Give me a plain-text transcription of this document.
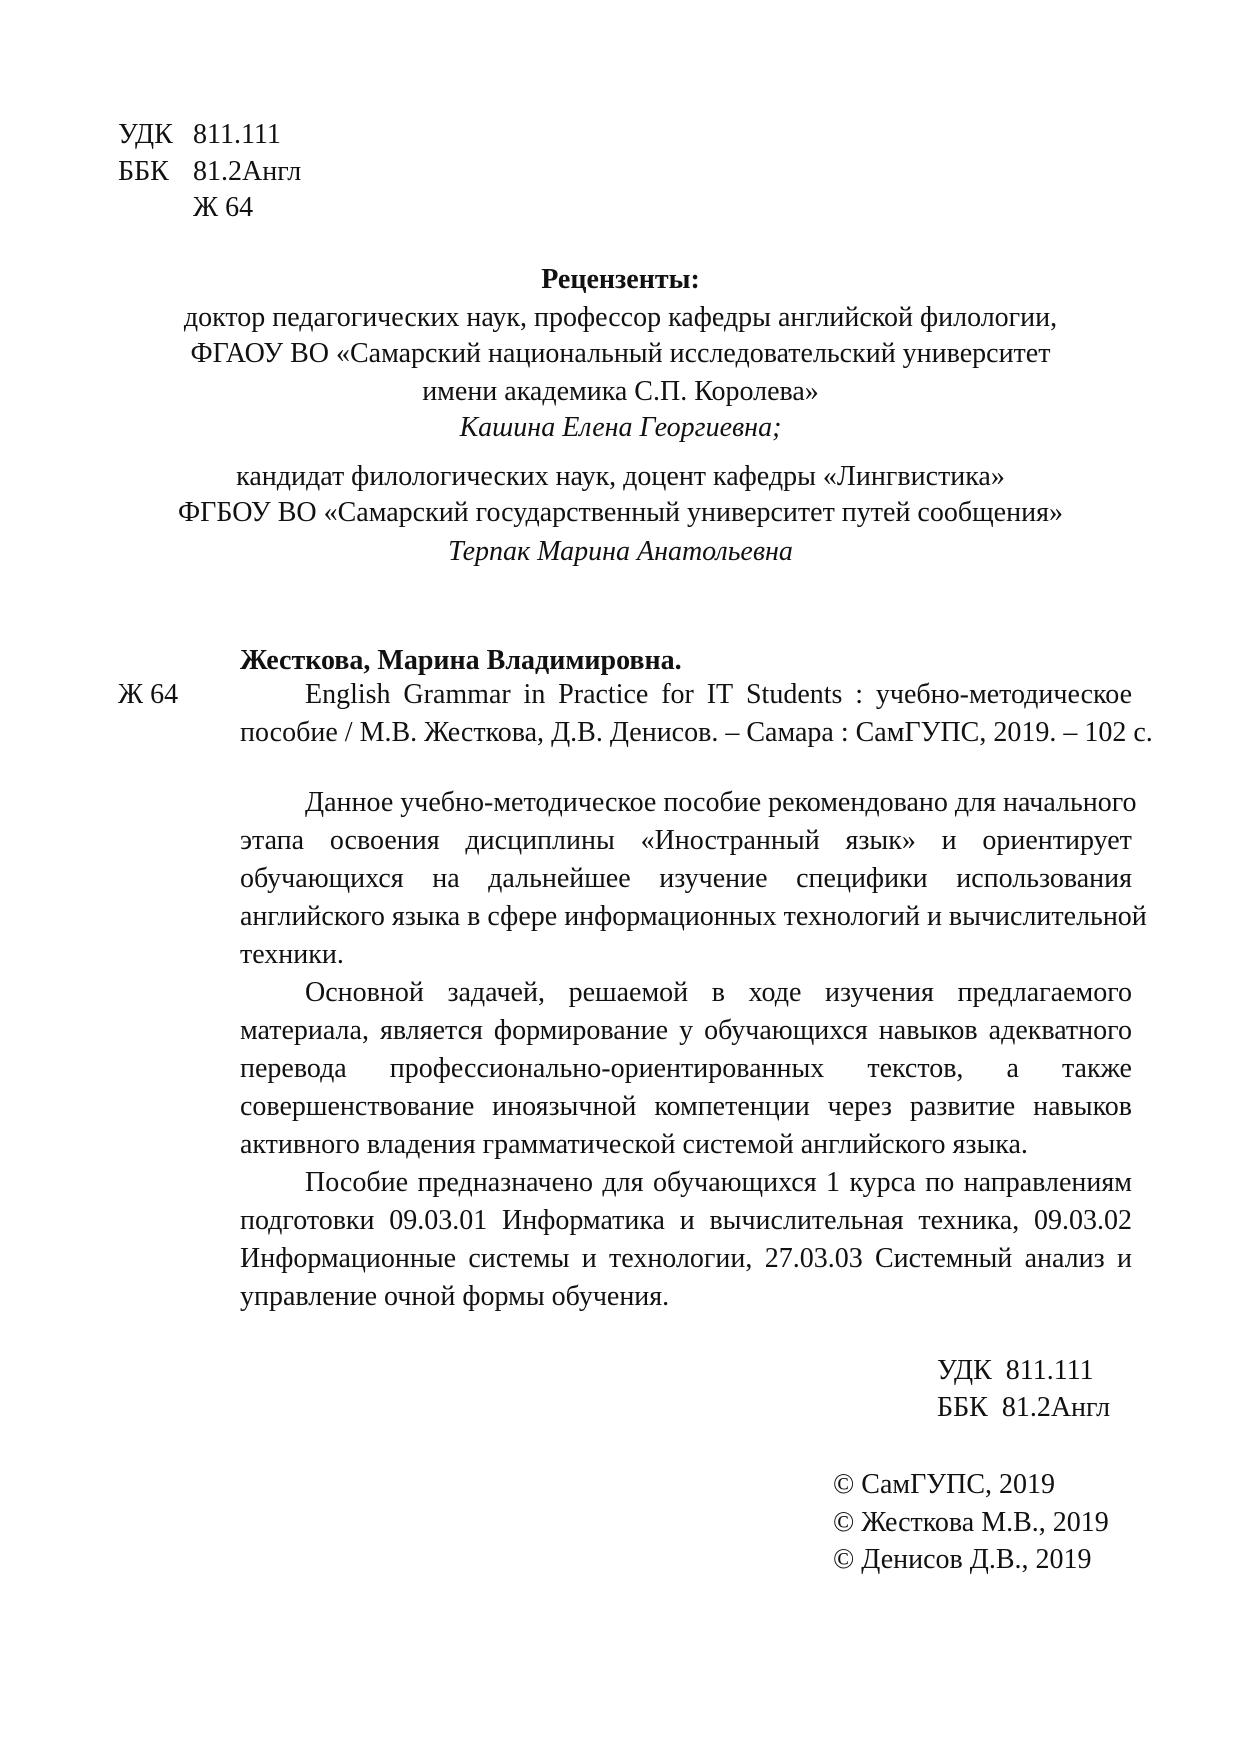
УДК 811.111
ББК 81.2Англ
Ж 64
Рецензенты:
доктор педагогических наук, профессор кафедры английской филологии,
ФГАОУ ВО «Самарский национальный исследовательский университет
имени академика С.П. Королева»
Кашина Елена Георгиевна;
кандидат филологических наук, доцент кафедры «Лингвистика»
ФГБОУ ВО «Самарский государственный университет путей сообщения»
Терпак Марина Анатольевна
Жесткова, Марина Владимировна.
Ж 64	English Grammar in Practice for IT Students : учебно-методическое
пособие / М.В. Жесткова, Д.В. Денисов. – Самара : СамГУПС, 2019. – 102 с.
Данное учебно-методическое пособие рекомендовано для начального
этапа освоения дисциплины «Иностранный язык» и ориентирует
обучающихся на дальнейшее изучение специфики использования
английского языка в сфере информационных технологий и вычислительной
техники.
Основной задачей, решаемой в ходе изучения предлагаемого
материала, является формирование у обучающихся навыков адекватного
перевода профессионально-ориентированных текстов, а также
совершенствование иноязычной компетенции через развитие навыков
активного владения грамматической системой английского языка.
Пособие предназначено для обучающихся 1 курса по направлениям
подготовки 09.03.01 Информатика и вычислительная техника, 09.03.02
Информационные системы и технологии, 27.03.03 Системный анализ и
управление очной формы обучения.
УДК  811.111
ББК  81.2Англ
© СамГУПС, 2019
© Жесткова М.В., 2019
© Денисов Д.В., 2019
